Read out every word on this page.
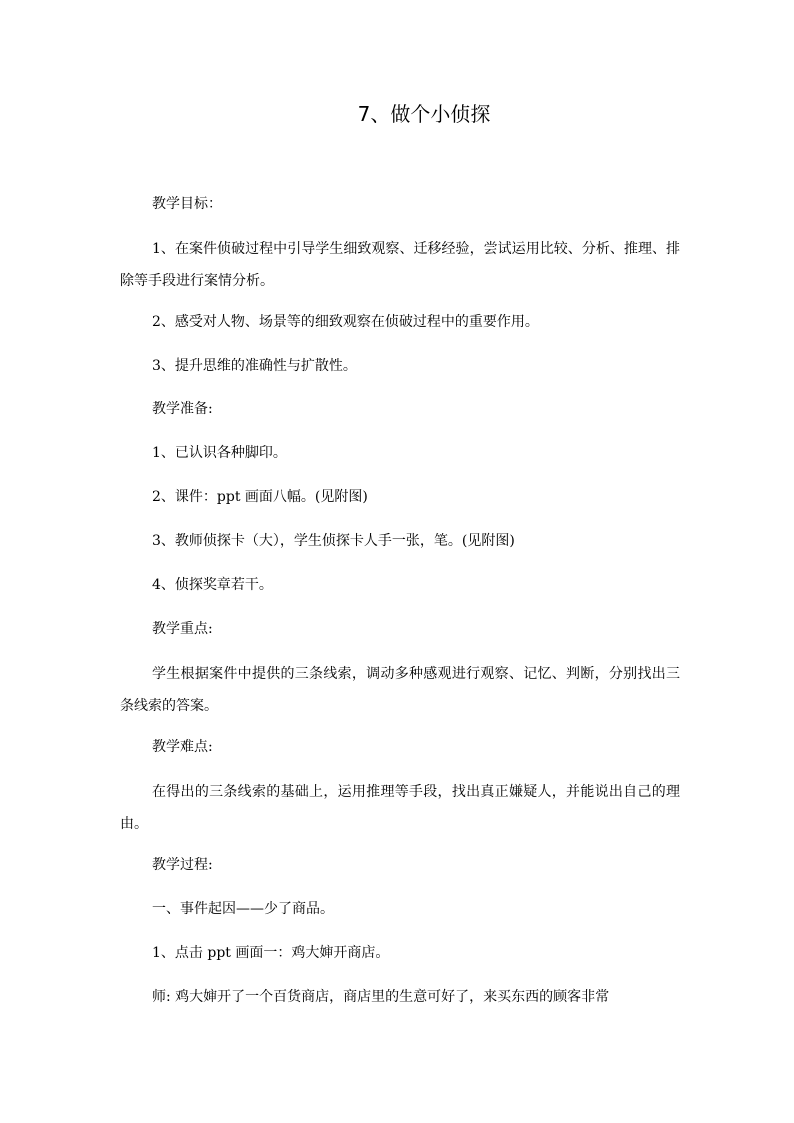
7、做个小侦探

教学目标：

1、在案件侦破过程中引导学生细致观察、迁移经验，尝试运用比较、分析、推理、排除等手段进行案情分析。

2、感受对人物、场景等的细致观察在侦破过程中的重要作用。

3、提升思维的准确性与扩散性。

教学准备:

1、已认识各种脚印。

2、课件：ppt 画面八幅。(见附图)

3、教师侦探卡（大），学生侦探卡人手一张，笔。(见附图)

4、侦探奖章若干。

教学重点:

学生根据案件中提供的三条线索，调动多种感观进行观察、记忆、判断，分别找出三条线索的答案。

教学难点:

在得出的三条线索的基础上，运用推理等手段，找出真正嫌疑人，并能说出自己的理由。

教学过程:

一、事件起因——少了商品。

1、点击 ppt 画面一：鸡大婶开商店。

师: 鸡大婶开了一个百货商店，商店里的生意可好了，来买东西的顾客非常
